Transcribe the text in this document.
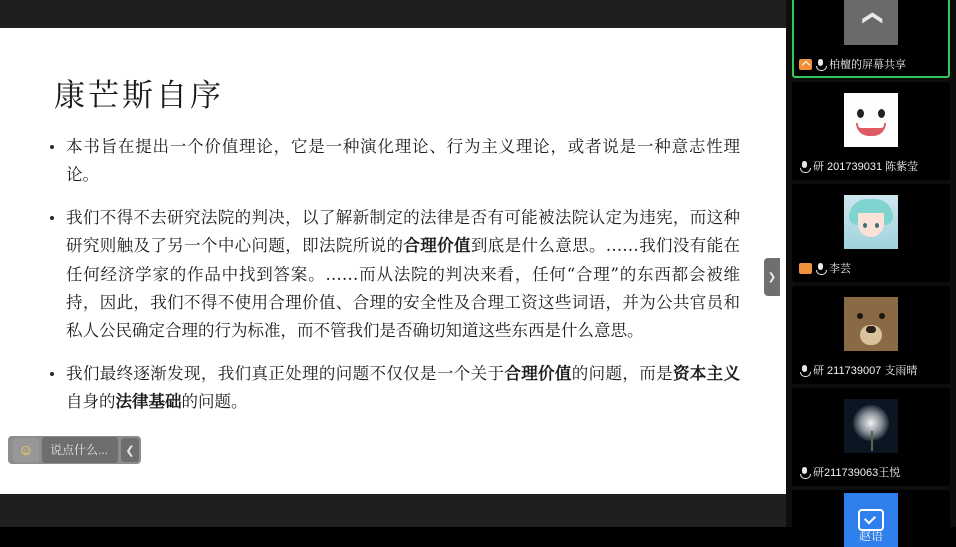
康芒斯自序
本书旨在提出一个价值理论，它是一种演化理论、行为主义理论，或者说是一种意志性理论。
我们不得不去研究法院的判决，以了解新制定的法律是否有可能被法院认定为违宪，而这种研究则触及了另一个中心问题，即法院所说的合理价值到底是什么意思。……我们没有能在任何经济学家的作品中找到答案。……而从法院的判决来看，任何“合理”的东西都会被维持，因此，我们不得不使用合理价值、合理的安全性及合理工资这些词语，并为公共官员和私人公民确定合理的行为标准，而不管我们是否确切知道这些东西是什么意思。
我们最终逐渐发现，我们真正处理的问题不仅仅是一个关于合理价值的问题，而是资本主义自身的法律基础的问题。
☺	说点什么...	❮
❯
❯
柏檀的屏幕共享
研 201739031 陈紫莹
李芸
研 211739007 支雨晴
研211739063王悦
赵语
